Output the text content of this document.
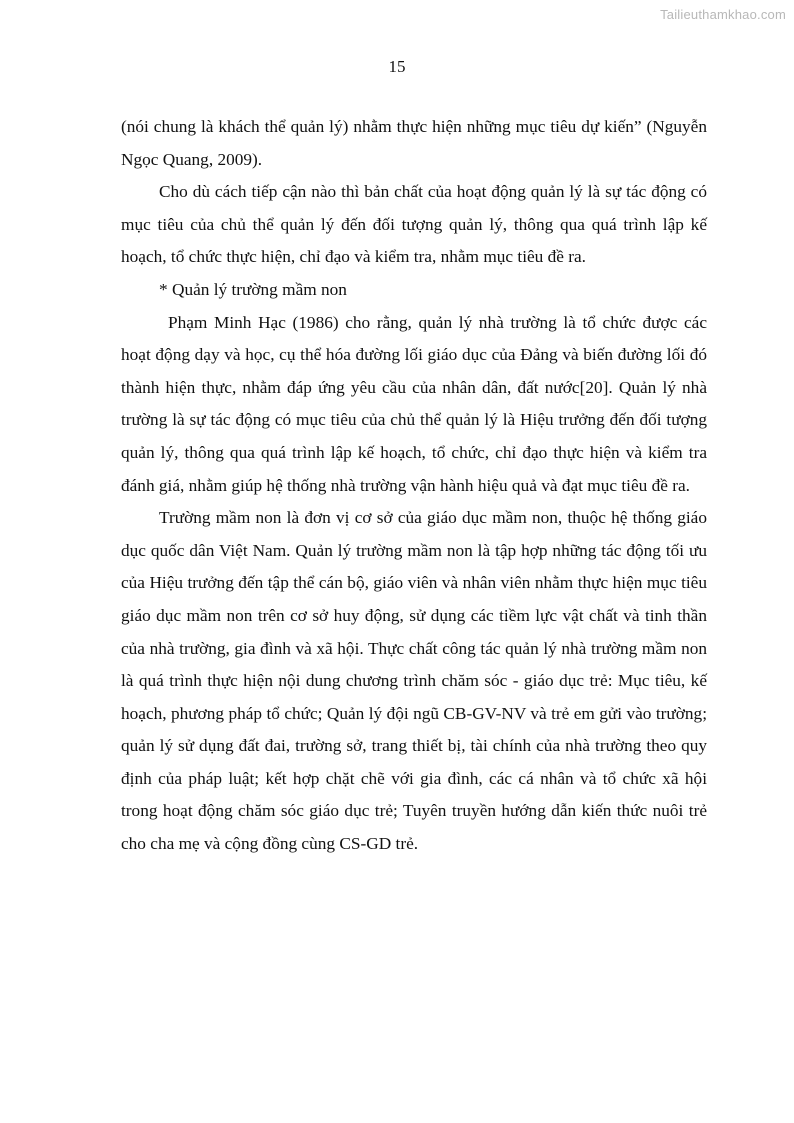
Tailieuthamkhao.com
15

(nói chung là khách thể quản lý) nhằm thực hiện những mục tiêu dự kiến” (Nguyễn Ngọc Quang, 2009).

Cho dù cách tiếp cận nào thì bản chất của hoạt động quản lý là sự tác động có mục tiêu của chủ thể quản lý đến đối tượng quản lý, thông qua quá trình lập kế hoạch, tổ chức thực hiện, chỉ đạo và kiểm tra, nhằm mục tiêu đề ra.

* Quản lý trường mầm non

Phạm Minh Hạc (1986) cho rằng, quản lý nhà trường là tổ chức được các hoạt động dạy và học, cụ thể hóa đường lối giáo dục của Đảng và biến đường lối đó thành hiện thực, nhằm đáp ứng yêu cầu của nhân dân, đất nước[20]. Quản lý nhà trường là sự tác động có mục tiêu của chủ thể quản lý là Hiệu trưởng đến đối tượng quản lý, thông qua quá trình lập kế hoạch, tổ chức, chỉ đạo thực hiện và kiểm tra đánh giá, nhằm giúp hệ thống nhà trường vận hành hiệu quả và đạt mục tiêu đề ra.

Trường mầm non là đơn vị cơ sở của giáo dục mầm non, thuộc hệ thống giáo dục quốc dân Việt Nam. Quản lý trường mầm non là tập hợp những tác động tối ưu của Hiệu trưởng đến tập thể cán bộ, giáo viên và nhân viên nhằm thực hiện mục tiêu giáo dục mầm non trên cơ sở huy động, sử dụng các tiềm lực vật chất và tinh thần của nhà trường, gia đình và xã hội. Thực chất công tác quản lý nhà trường mầm non là quá trình thực hiện nội dung chương trình chăm sóc - giáo dục trẻ: Mục tiêu, kế hoạch, phương pháp tổ chức; Quản lý đội ngũ CB-GV-NV và trẻ em gửi vào trường; quản lý sử dụng đất đai, trường sở, trang thiết bị, tài chính của nhà trường theo quy định của pháp luật; kết hợp chặt chẽ với gia đình, các cá nhân và tổ chức xã hội trong hoạt động chăm sóc giáo dục trẻ; Tuyên truyền hướng dẫn kiến thức nuôi trẻ cho cha mẹ và cộng đồng cùng CS-GD trẻ.
